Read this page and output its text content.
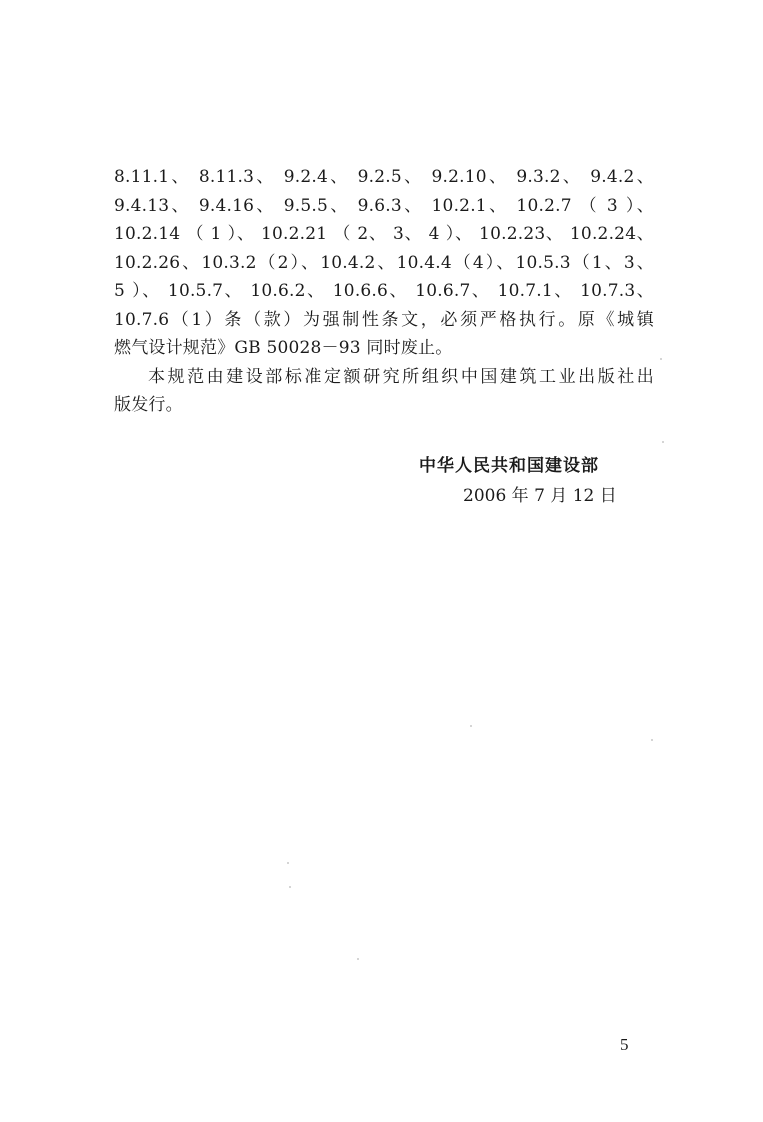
8.11.1、 8.11.3、 9.2.4、 9.2.5、 9.2.10、 9.3.2、 9.4.2、
9.4.13、 9.4.16、 9.5.5、 9.6.3、 10.2.1、 10.2.7 （ 3 ）、
10.2.14 （ 1 ）、 10.2.21 （ 2、 3、 4 ）、 10.2.23、 10.2.24、
10.2.26、10.3.2（2）、10.4.2、10.4.4（4）、10.5.3（1、3、
5 ）、 10.5.7、 10.6.2、 10.6.6、 10.6.7、 10.7.1、 10.7.3、
10.7.6（1）条（款）为强制性条文，必须严格执行。原《城镇
燃气设计规范》GB 50028－93 同时废止。
本规范由建设部标准定额研究所组织中国建筑工业出版社出
版发行。
中华人民共和国建设部
2006 年 7 月 12 日
5
